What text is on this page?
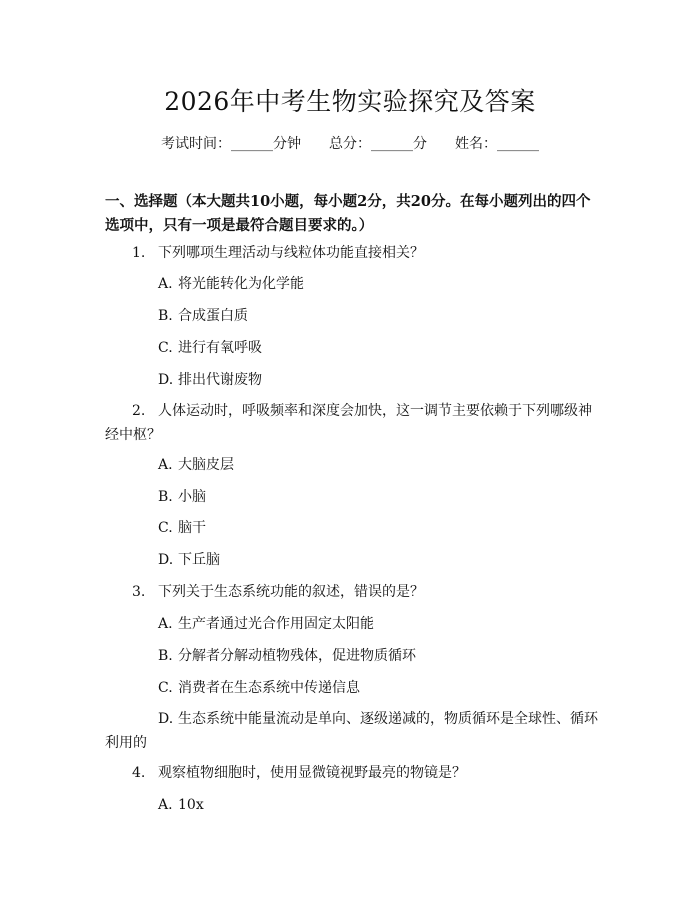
2026年中考生物实验探究及答案
考试时间：______分钟 总分：______分 姓名：______
一、选择题（本大题共10小题，每小题2分，共20分。在每小题列出的四个选项中，只有一项是最符合题目要求的。）
1. 下列哪项生理活动与线粒体功能直接相关？
A. 将光能转化为化学能
B. 合成蛋白质
C. 进行有氧呼吸
D. 排出代谢废物
2. 人体运动时，呼吸频率和深度会加快，这一调节主要依赖于下列哪级神经中枢？
A. 大脑皮层
B. 小脑
C. 脑干
D. 下丘脑
3. 下列关于生态系统功能的叙述，错误的是？
A. 生产者通过光合作用固定太阳能
B. 分解者分解动植物残体，促进物质循环
C. 消费者在生态系统中传递信息
D. 生态系统中能量流动是单向、逐级递减的，物质循环是全球性、循环利用的
4. 观察植物细胞时，使用显微镜视野最亮的物镜是？
A. 10x
